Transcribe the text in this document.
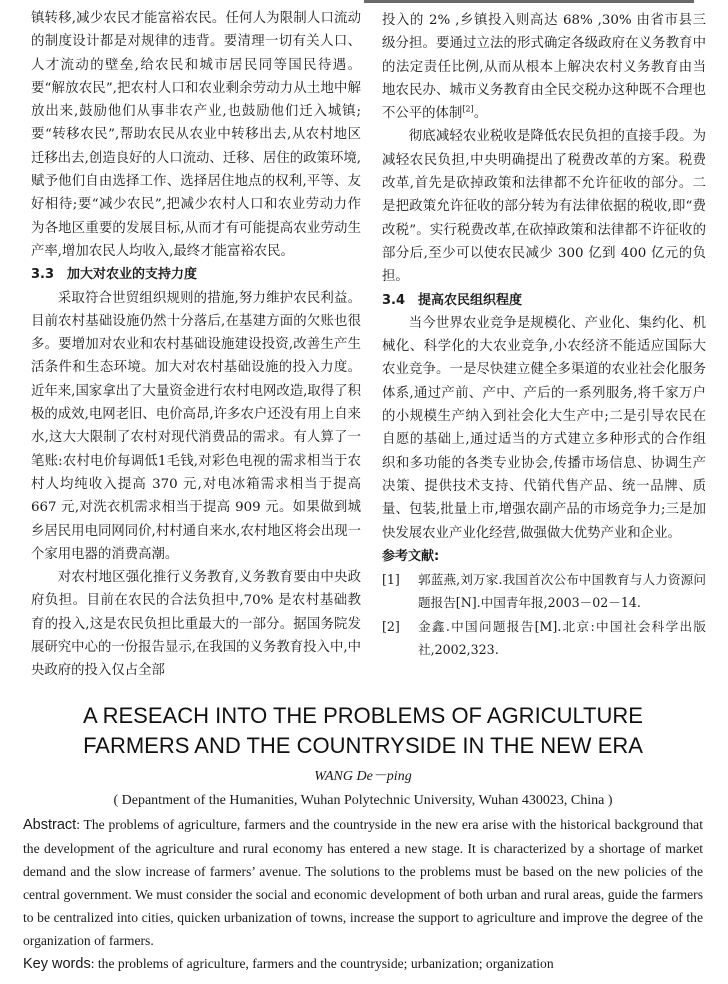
镇转移,减少农民才能富裕农民。任何人为限制人口流动的制度设计都是对规律的违背。要清理一切有关人口、人才流动的壁垒,给农民和城市居民同等国民待遇。要“解放农民”,把农村人口和农业剩余劳动力从土地中解放出来,鼓励他们从事非农产业,也鼓励他们迁入城镇;要“转移农民”,帮助农民从农业中转移出去,从农村地区迁移出去,创造良好的人口流动、迁移、居住的政策环境,赋予他们自由选择工作、选择居住地点的权利,平等、友好相待;要“减少农民”,把减少农村人口和农业劳动力作为各地区重要的发展目标,从而才有可能提高农业劳动生产率,增加农民人均收入,最终才能富裕农民。

3.3 加大对农业的支持力度

采取符合世贸组织规则的措施,努力维护农民利益。目前农村基础设施仍然十分落后,在基建方面的欠账也很多。要增加对农业和农村基础设施建设投资,改善生产生活条件和生态环境。加大对农村基础设施的投入力度。近年来,国家拿出了大量资金进行农村电网改造,取得了积极的成效,电网老旧、电价高昂,许多农户还没有用上自来水,这大大限制了农村对现代消费品的需求。有人算了一笔账:农村电价每调低1毛钱,对彩色电视的需求相当于农村人均纯收入提高 370 元,对电冰箱需求相当于提高 667 元,对洗衣机需求相当于提高 909 元。如果做到城乡居民用电同网同价,村村通自来水,农村地区将会出现一个家用电器的消费高潮。

对农村地区强化推行义务教育,义务教育要由中央政府负担。目前在农民的合法负担中,70% 是农村基础教育的投入,这是农民负担比重最大的一部分。据国务院发展研究中心的一份报告显示,在我国的义务教育投入中,中央政府的投入仅占全部

投入的 2% ,乡镇投入则高达 68% ,30% 由省市县三级分担。要通过立法的形式确定各级政府在义务教育中的法定责任比例,从而从根本上解决农村义务教育由当地农民办、城市义务教育由全民交税办这种既不合理也不公平的体制[2]。

彻底减轻农业税收是降低农民负担的直接手段。为减轻农民负担,中央明确提出了税费改革的方案。税费改革,首先是砍掉政策和法律都不允许征收的部分。二是把政策允许征收的部分转为有法律依据的税收,即“费改税”。实行税费改革,在砍掉政策和法律都不许征收的部分后,至少可以使农民减少 300 亿到 400 亿元的负担。

3.4 提高农民组织程度

当今世界农业竞争是规模化、产业化、集约化、机械化、科学化的大农业竞争,小农经济不能适应国际大农业竞争。一是尽快建立健全多渠道的农业社会化服务体系,通过产前、产中、产后的一系列服务,将千家万户的小规模生产纳入到社会化大生产中;二是引导农民在自愿的基础上,通过适当的方式建立多种形式的合作组织和多功能的各类专业协会,传播市场信息、协调生产决策、提供技术支持、代销代售产品、统一品牌、质量、包装,批量上市,增强农副产品的市场竞争力;三是加快发展农业产业化经营,做强做大优势产业和企业。

参考文献:

[1]	郭蓝燕,刘万家.我国首次公布中国教育与人力资源问题报告[N].中国青年报,2003－02－14.
[2]	金鑫.中国问题报告[M].北京:中国社会科学出版社,2002,323.

A RESEACH INTO THE PROBLEMS OF AGRICULTURE

FARMERS AND THE COUNTRYSIDE IN THE NEW ERA

WANG De－ping
( Depantment of the Humanities, Wuhan Polytechnic University, Wuhan 430023, China )
Abstract: The problems of agriculture, farmers and the countryside in the new era arise with the historical background that the development of the agriculture and rural economy has entered a new stage. It is characterized by a shortage of market demand and the slow increase of farmers’ avenue. The solutions to the problems must be based on the new policies of the central government. We must consider the social and economic development of both urban and rural areas, guide the farmers to be centralized into cities, quicken urbanization of towns, increase the support to agriculture and improve the degree of the organization of farmers.
Key words: the problems of agriculture, farmers and the countryside; urbanization; organization
